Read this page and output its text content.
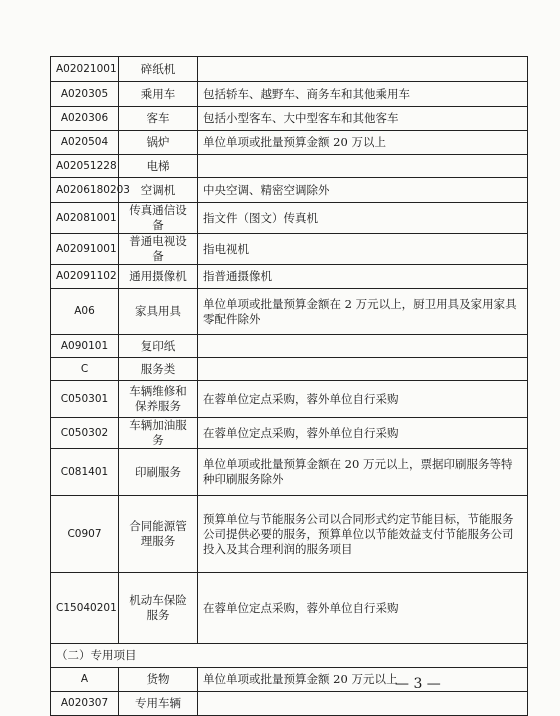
A02021001	碎纸机	
A020305	乘用车	包括轿车、越野车、商务车和其他乘用车
A020306	客车	包括小型客车、大中型客车和其他客车
A020504	锅炉	单位单项或批量预算金额 20 万以上
A02051228	电梯	
A0206180203	空调机	中央空调、精密空调除外
A02081001	传真通信设备	指文件（图文）传真机
A02091001	普通电视设备	指电视机
A02091102	通用摄像机	指普通摄像机
A06	家具用具	单位单项或批量预算金额在 2 万元以上，厨卫用具及家用家具零配件除外
A090101	复印纸	
C	服务类	
C050301	车辆维修和保养服务	在蓉单位定点采购，蓉外单位自行采购
C050302	车辆加油服务	在蓉单位定点采购，蓉外单位自行采购
C081401	印刷服务	单位单项或批量预算金额在 20 万元以上，票据印刷服务等特种印刷服务除外
C0907	合同能源管理服务	预算单位与节能服务公司以合同形式约定节能目标，节能服务公司提供必要的服务，预算单位以节能效益支付节能服务公司投入及其合理利润的服务项目
C15040201	机动车保险服务	在蓉单位定点采购，蓉外单位自行采购
（二）专用项目		
A	货物	单位单项或批量预算金额 20 万元以上
A020307	专用车辆	
— 3 —
